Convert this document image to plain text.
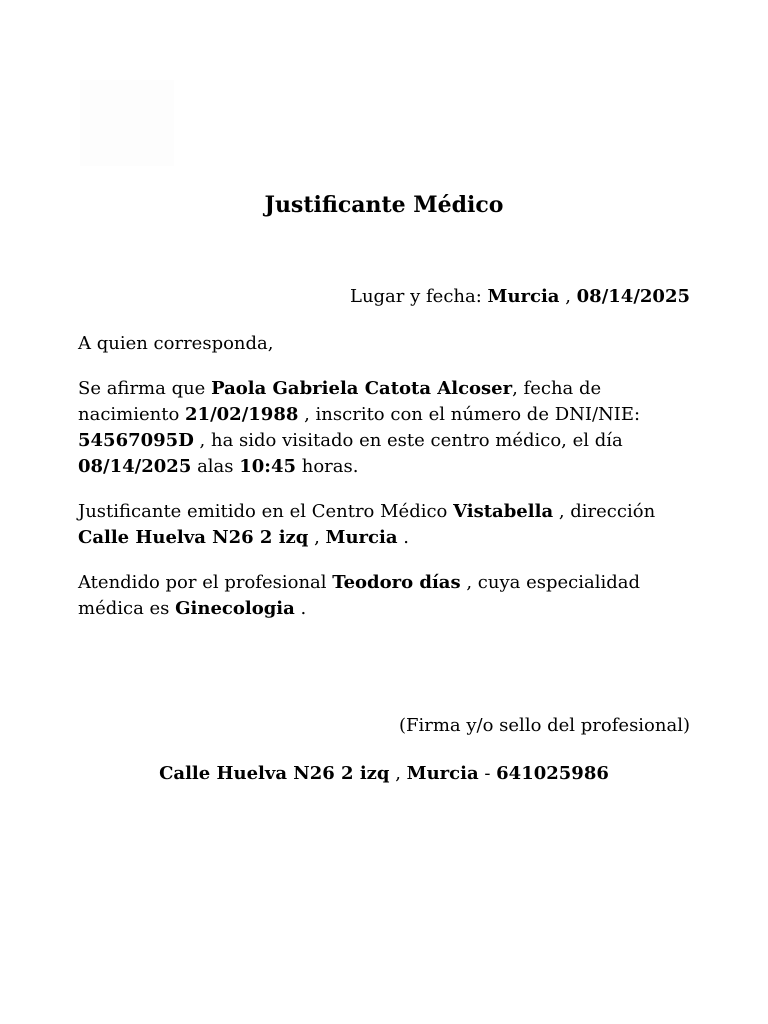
Justificante Médico
Lugar y fecha: Murcia , 08/14/2025

A quien corresponda,

Se afirma que Paola Gabriela Catota Alcoser, fecha de nacimiento 21/02/1988 , inscrito con el número de DNI/NIE: 54567095D , ha sido visitado en este centro médico, el día 08/14/2025 alas 10:45 horas.

Justificante emitido en el Centro Médico Vistabella , dirección Calle Huelva N26 2 izq , Murcia .

Atendido por el profesional Teodoro días , cuya especialidad médica es Ginecologia .

(Firma y/o sello del profesional)
Calle Huelva N26 2 izq , Murcia - 641025986
